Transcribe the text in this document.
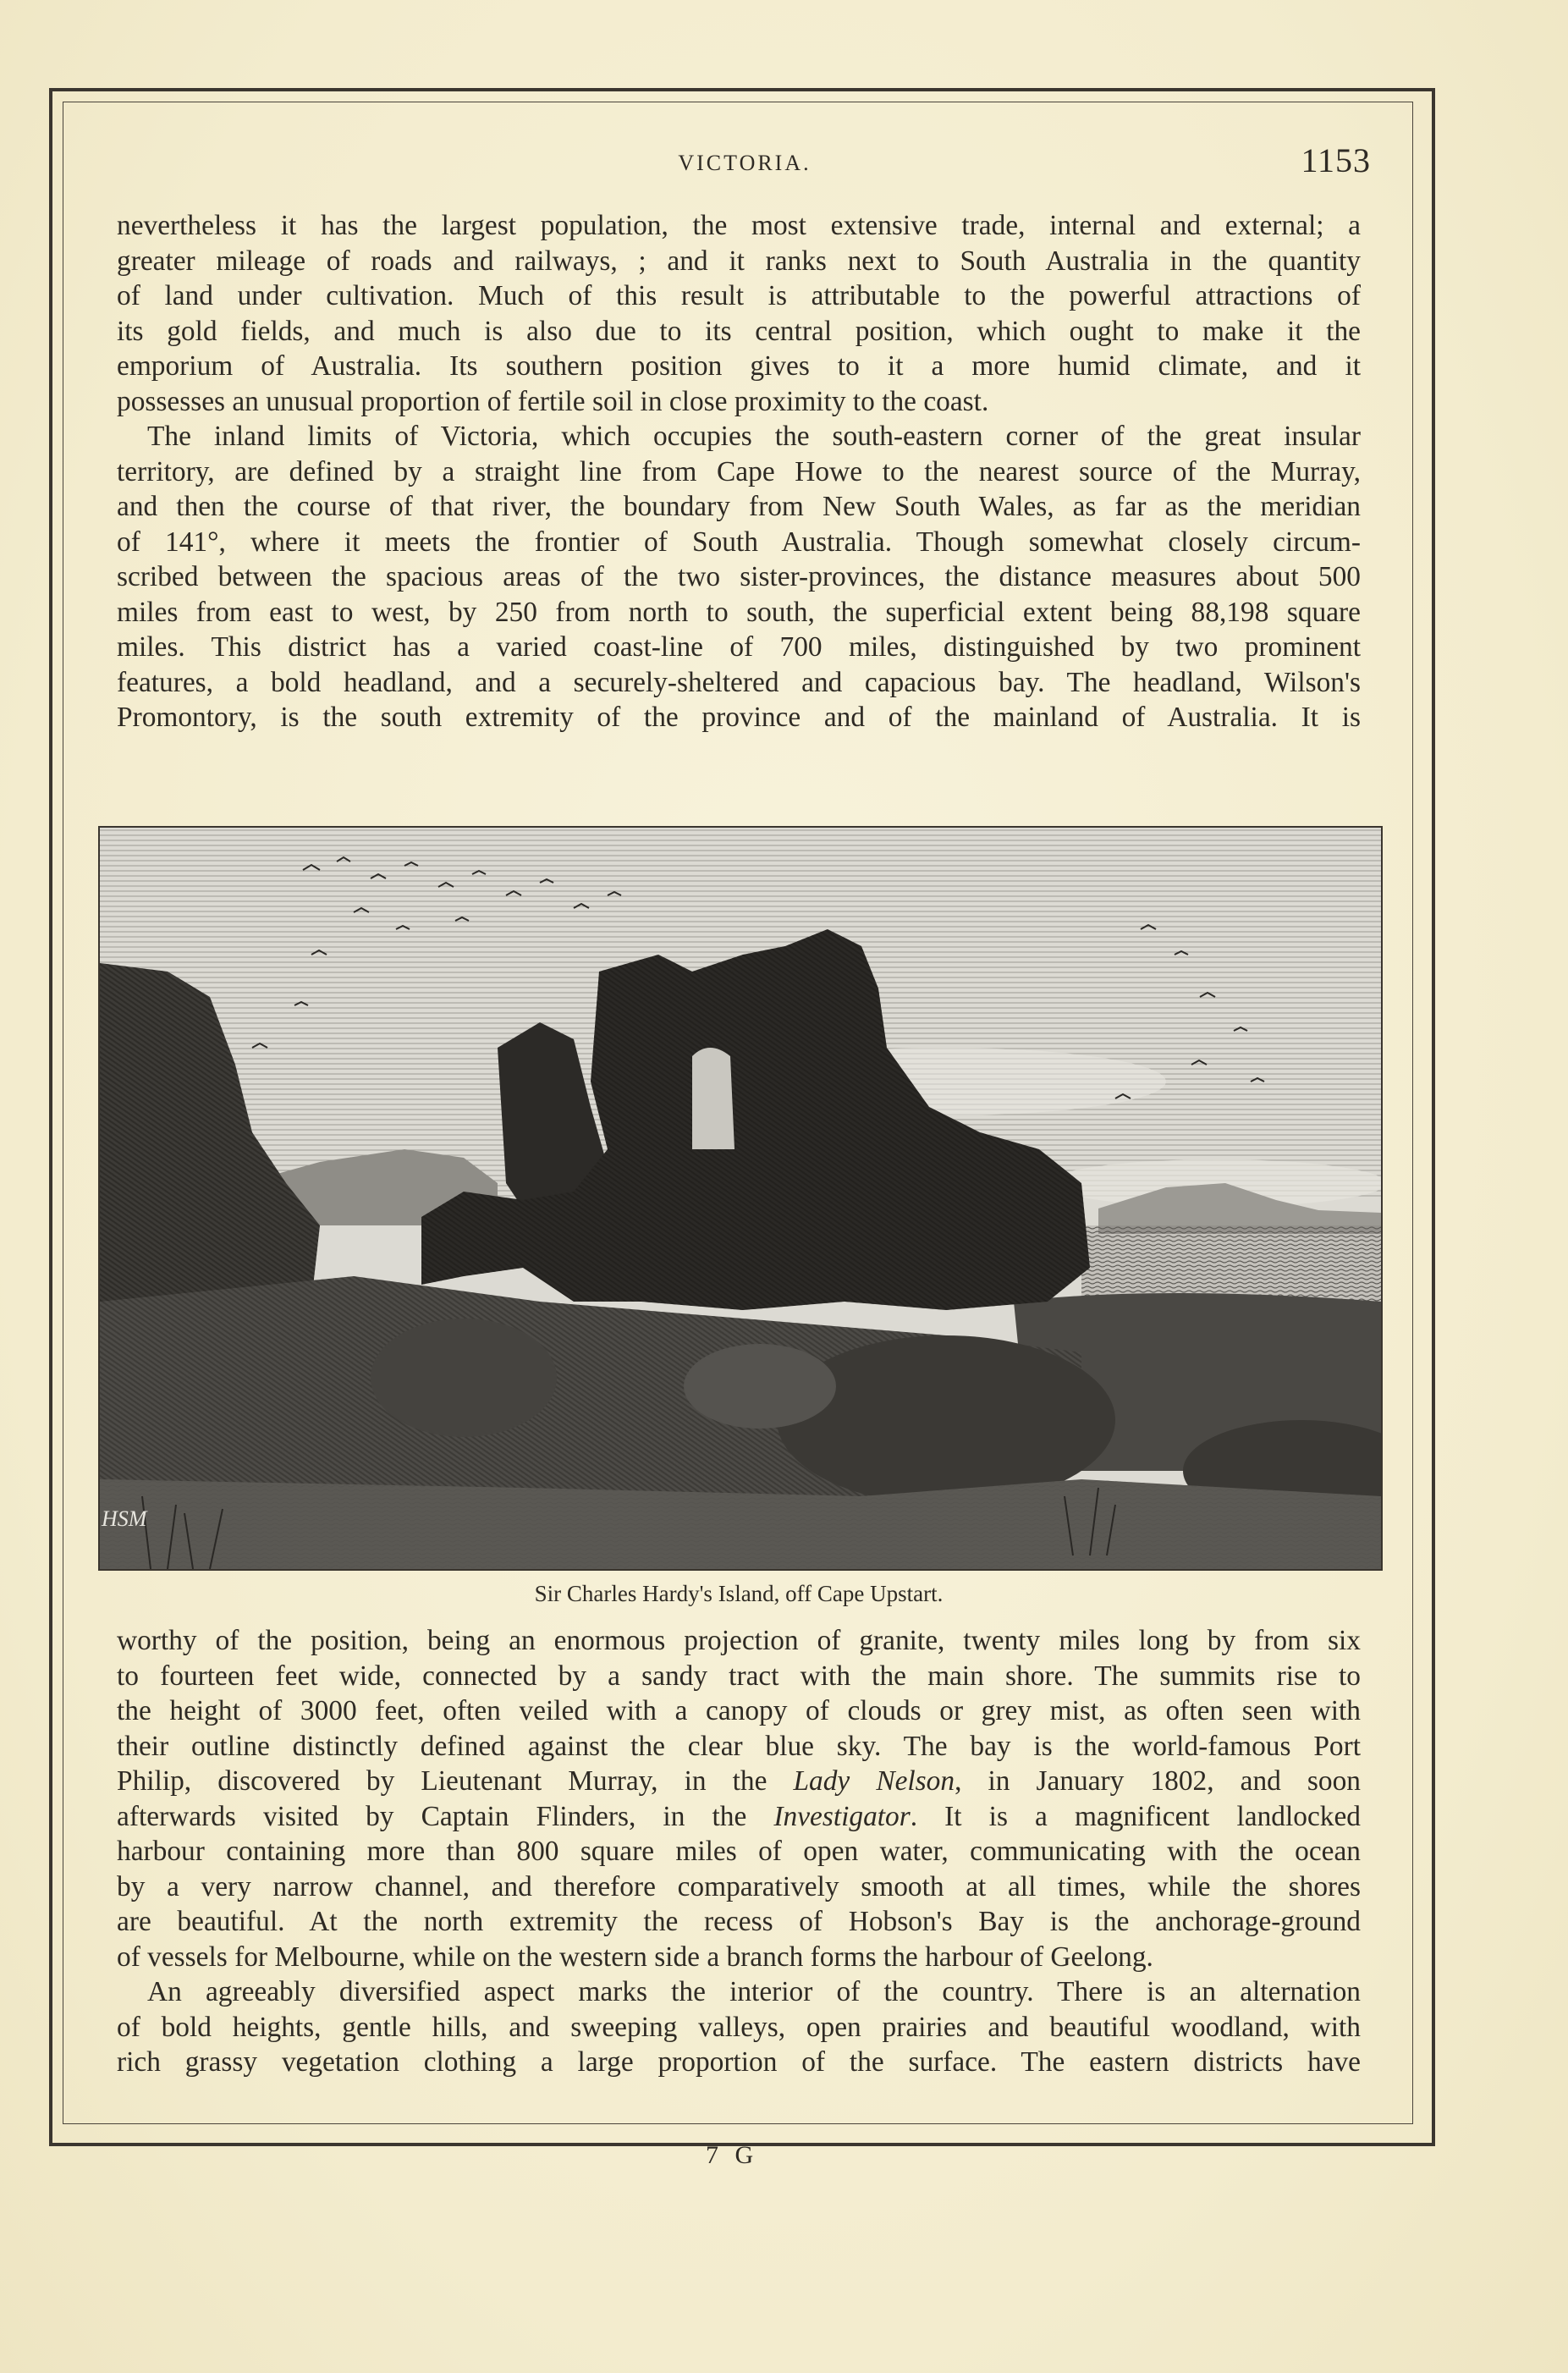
VICTORIA.	1153

nevertheless it has the largest population, the most extensive trade, internal and external; a

greater mileage of roads and railways, ; and it ranks next to South Australia in the quantity

of land under cultivation. Much of this result is attributable to the powerful attractions of

its gold fields, and much is also due to its central position, which ought to make it the

emporium of Australia. Its southern position gives to it a more humid climate, and it

possesses an unusual proportion of fertile soil in close proximity to the coast.

The inland limits of Victoria, which occupies the south-eastern corner of the great insular

territory, are defined by a straight line from Cape Howe to the nearest source of the Murray,

and then the course of that river, the boundary from New South Wales, as far as the meridian

of 141°, where it meets the frontier of South Australia. Though somewhat closely circum-

scribed between the spacious areas of the two sister-provinces, the distance measures about 500

miles from east to west, by 250 from north to south, the superficial extent being 88,198 square

miles. This district has a varied coast-line of 700 miles, distinguished by two prominent

features, a bold headland, and a securely-sheltered and capacious bay. The headland, Wilson's

Promontory, is the south extremity of the province and of the mainland of Australia. It is

HSM
Sir Charles Hardy's Island, off Cape Upstart.

worthy of the position, being an enormous projection of granite, twenty miles long by from six

to fourteen feet wide, connected by a sandy tract with the main shore. The summits rise to

the height of 3000 feet, often veiled with a canopy of clouds or grey mist, as often seen with

their outline distinctly defined against the clear blue sky. The bay is the world-famous Port

Philip, discovered by Lieutenant Murray, in the Lady Nelson, in January 1802, and soon

afterwards visited by Captain Flinders, in the Investigator. It is a magnificent landlocked

harbour containing more than 800 square miles of open water, communicating with the ocean

by a very narrow channel, and therefore comparatively smooth at all times, while the shores

are beautiful. At the north extremity the recess of Hobson's Bay is the anchorage-ground

of vessels for Melbourne, while on the western side a branch forms the harbour of Geelong.

An agreeably diversified aspect marks the interior of the country. There is an alternation

of bold heights, gentle hills, and sweeping valleys, open prairies and beautiful woodland, with

rich grassy vegetation clothing a large proportion of the surface. The eastern districts have

7 G
